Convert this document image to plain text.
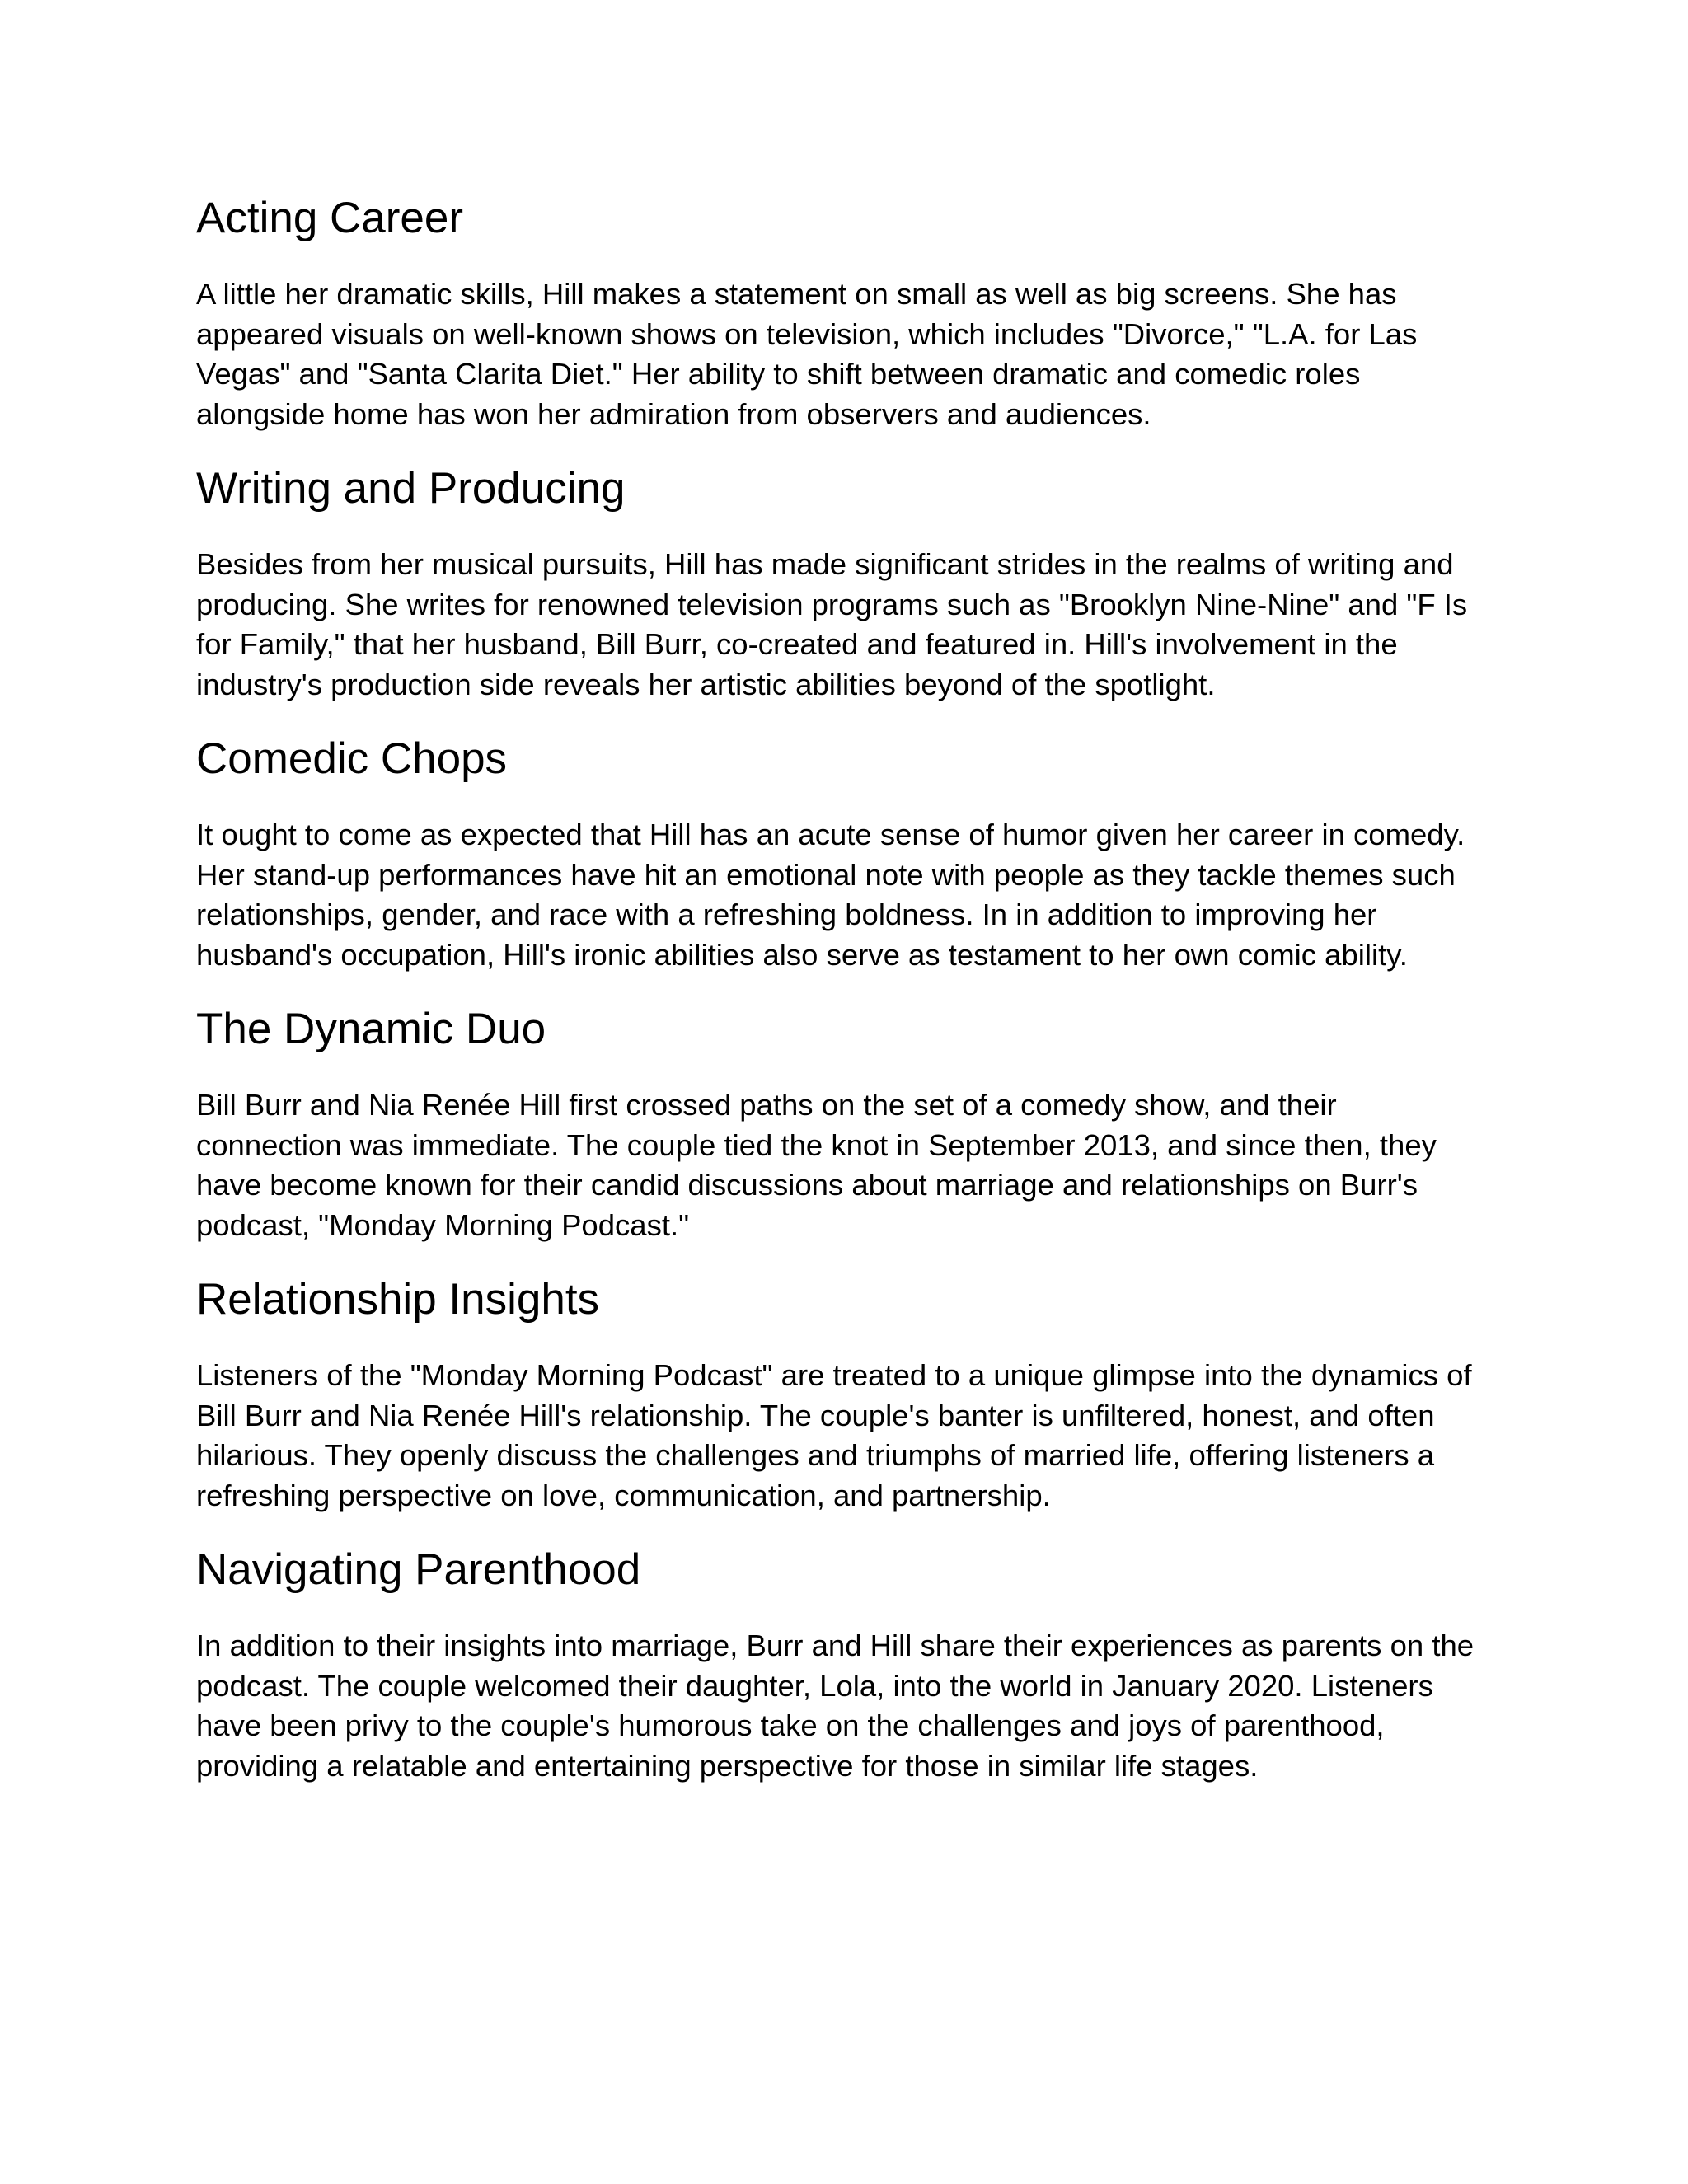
Acting Career

A little her dramatic skills, Hill makes a statement on small as well as big screens. She has
appeared visuals on well-known shows on television, which includes "Divorce," "L.A. for Las
Vegas" and "Santa Clarita Diet." Her ability to shift between dramatic and comedic roles
alongside home has won her admiration from observers and audiences.

Writing and Producing

Besides from her musical pursuits, Hill has made significant strides in the realms of writing and
producing. She writes for renowned television programs such as "Brooklyn Nine-Nine" and "F Is
for Family," that her husband, Bill Burr, co-created and featured in. Hill's involvement in the
industry's production side reveals her artistic abilities beyond of the spotlight.

Comedic Chops

It ought to come as expected that Hill has an acute sense of humor given her career in comedy.
Her stand-up performances have hit an emotional note with people as they tackle themes such
relationships, gender, and race with a refreshing boldness. In in addition to improving her
husband's occupation, Hill's ironic abilities also serve as testament to her own comic ability.

The Dynamic Duo

Bill Burr and Nia Renée Hill first crossed paths on the set of a comedy show, and their
connection was immediate. The couple tied the knot in September 2013, and since then, they
have become known for their candid discussions about marriage and relationships on Burr's
podcast, "Monday Morning Podcast."

Relationship Insights

Listeners of the "Monday Morning Podcast" are treated to a unique glimpse into the dynamics of
Bill Burr and Nia Renée Hill's relationship. The couple's banter is unfiltered, honest, and often
hilarious. They openly discuss the challenges and triumphs of married life, offering listeners a
refreshing perspective on love, communication, and partnership.

Navigating Parenthood

In addition to their insights into marriage, Burr and Hill share their experiences as parents on the
podcast. The couple welcomed their daughter, Lola, into the world in January 2020. Listeners
have been privy to the couple's humorous take on the challenges and joys of parenthood,
providing a relatable and entertaining perspective for those in similar life stages.
